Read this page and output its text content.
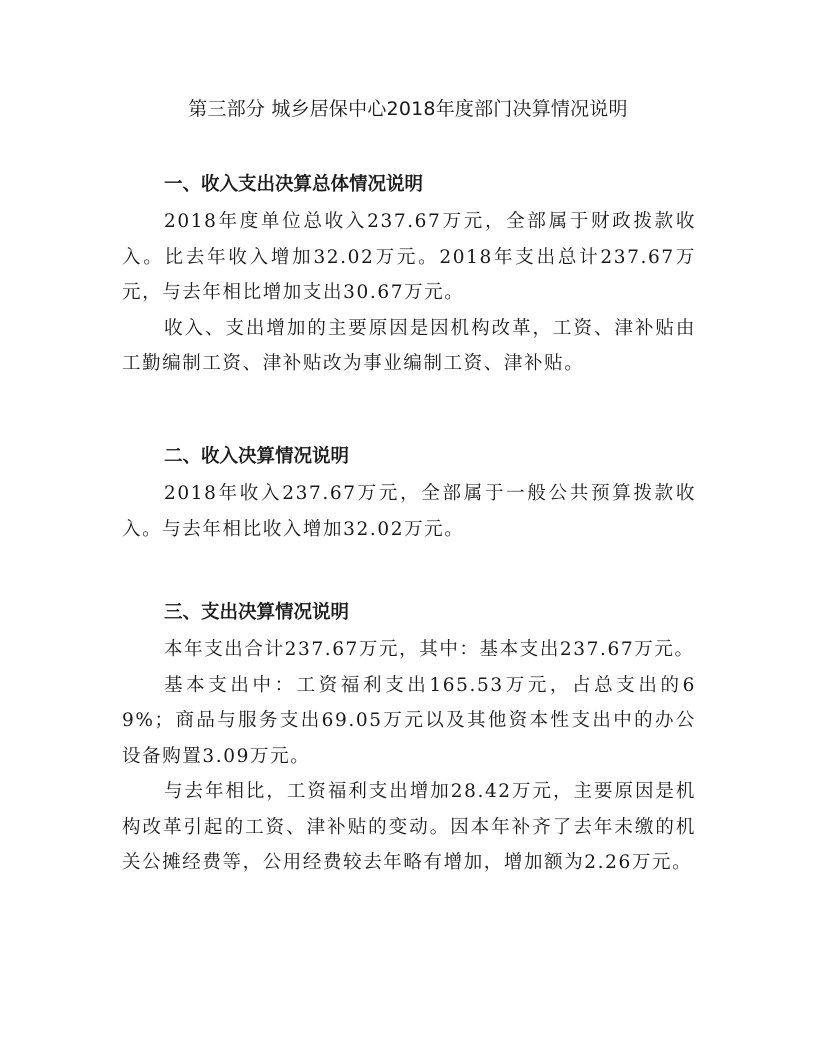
第三部分 城乡居保中心2018年度部门决算情况说明
一、收入支出决算总体情况说明

2018年度单位总收入237.67万元，全部属于财政拨款收入。比去年收入增加32.02万元。2018年支出总计237.67万元，与去年相比增加支出30.67万元。

收入、支出增加的主要原因是因机构改革，工资、津补贴由工勤编制工资、津补贴改为事业编制工资、津补贴。

二、收入决算情况说明

2018年收入237.67万元，全部属于一般公共预算拨款收入。与去年相比收入增加32.02万元。

三、支出决算情况说明

本年支出合计237.67万元，其中：基本支出237.67万元。

基本支出中：工资福利支出165.53万元，占总支出的69%；商品与服务支出69.05万元以及其他资本性支出中的办公设备购置3.09万元。

与去年相比，工资福利支出增加28.42万元，主要原因是机构改革引起的工资、津补贴的变动。因本年补齐了去年未缴的机关公摊经费等，公用经费较去年略有增加，增加额为2.26万元。
